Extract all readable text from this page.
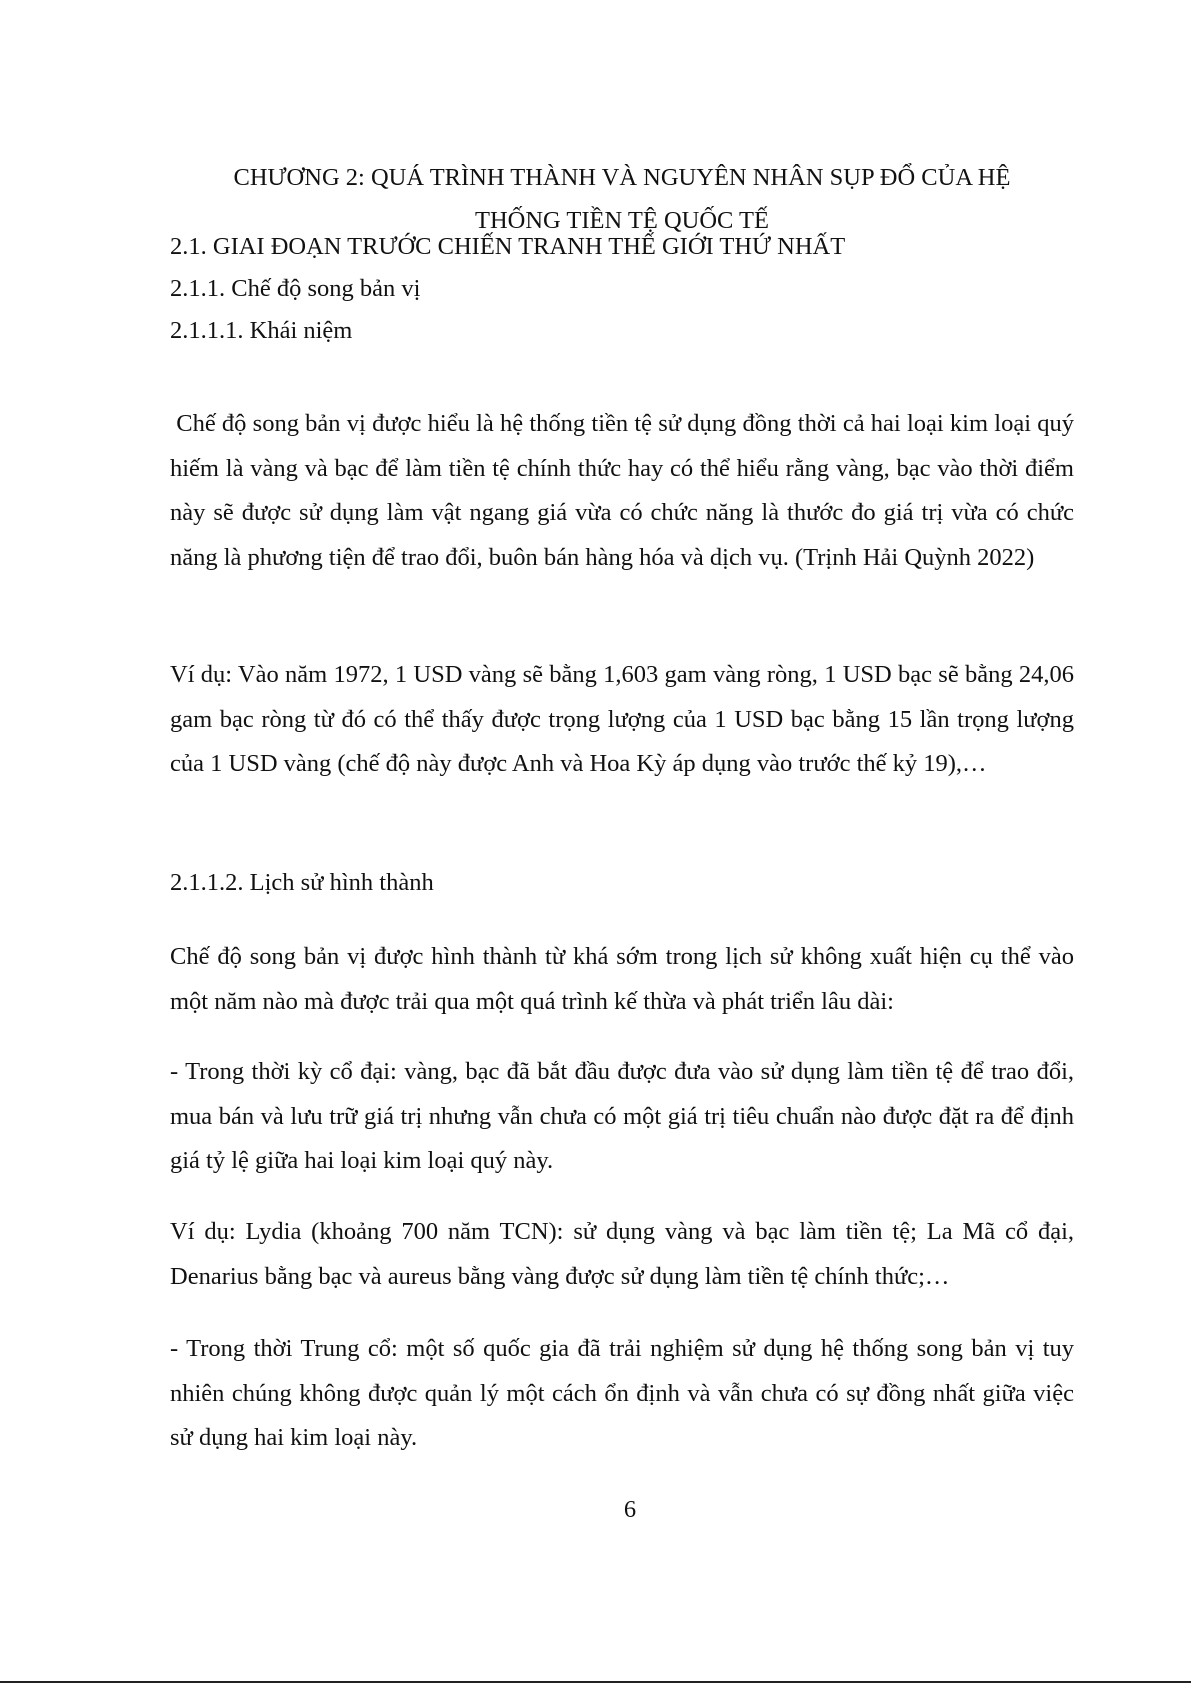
CHƯƠNG 2: QUÁ TRÌNH THÀNH VÀ NGUYÊN NHÂN SỤP ĐỔ CỦA HỆ
THỐNG TIỀN TỆ QUỐC TẾ
2.1. GIAI ĐOẠN TRƯỚC CHIẾN TRANH THẾ GIỚI THỨ NHẤT
2.1.1. Chế độ song bản vị
2.1.1.1. Khái niệm

Chế độ song bản vị được hiểu là hệ thống tiền tệ sử dụng đồng thời cả hai loại kim loại quý hiếm là vàng và bạc để làm tiền tệ chính thức hay có thể hiểu rằng vàng, bạc vào thời điểm này sẽ được sử dụng làm vật ngang giá vừa có chức năng là thước đo giá trị vừa có chức năng là phương tiện để trao đổi, buôn bán hàng hóa và dịch vụ. (Trịnh Hải Quỳnh 2022)

Ví dụ: Vào năm 1972, 1 USD vàng sẽ bằng 1,603 gam vàng ròng, 1 USD bạc sẽ bằng 24,06 gam bạc ròng từ đó có thể thấy được trọng lượng của 1 USD bạc bằng 15 lần trọng lượng của 1 USD vàng (chế độ này được Anh và Hoa Kỳ áp dụng vào trước thế kỷ 19),…

2.1.1.2. Lịch sử hình thành

Chế độ song bản vị được hình thành từ khá sớm trong lịch sử không xuất hiện cụ thể vào một năm nào mà được trải qua một quá trình kế thừa và phát triển lâu dài:

- Trong thời kỳ cổ đại: vàng, bạc đã bắt đầu được đưa vào sử dụng làm tiền tệ để trao đổi, mua bán và lưu trữ giá trị nhưng vẫn chưa có một giá trị tiêu chuẩn nào được đặt ra để định giá tỷ lệ giữa hai loại kim loại quý này.

Ví dụ: Lydia (khoảng 700 năm TCN): sử dụng vàng và bạc làm tiền tệ; La Mã cổ đại, Denarius bằng bạc và aureus bằng vàng được sử dụng làm tiền tệ chính thức;…

- Trong thời Trung cổ: một số quốc gia đã trải nghiệm sử dụng hệ thống song bản vị tuy nhiên chúng không được quản lý một cách ổn định và vẫn chưa có sự đồng nhất giữa việc sử dụng hai kim loại này.

6
